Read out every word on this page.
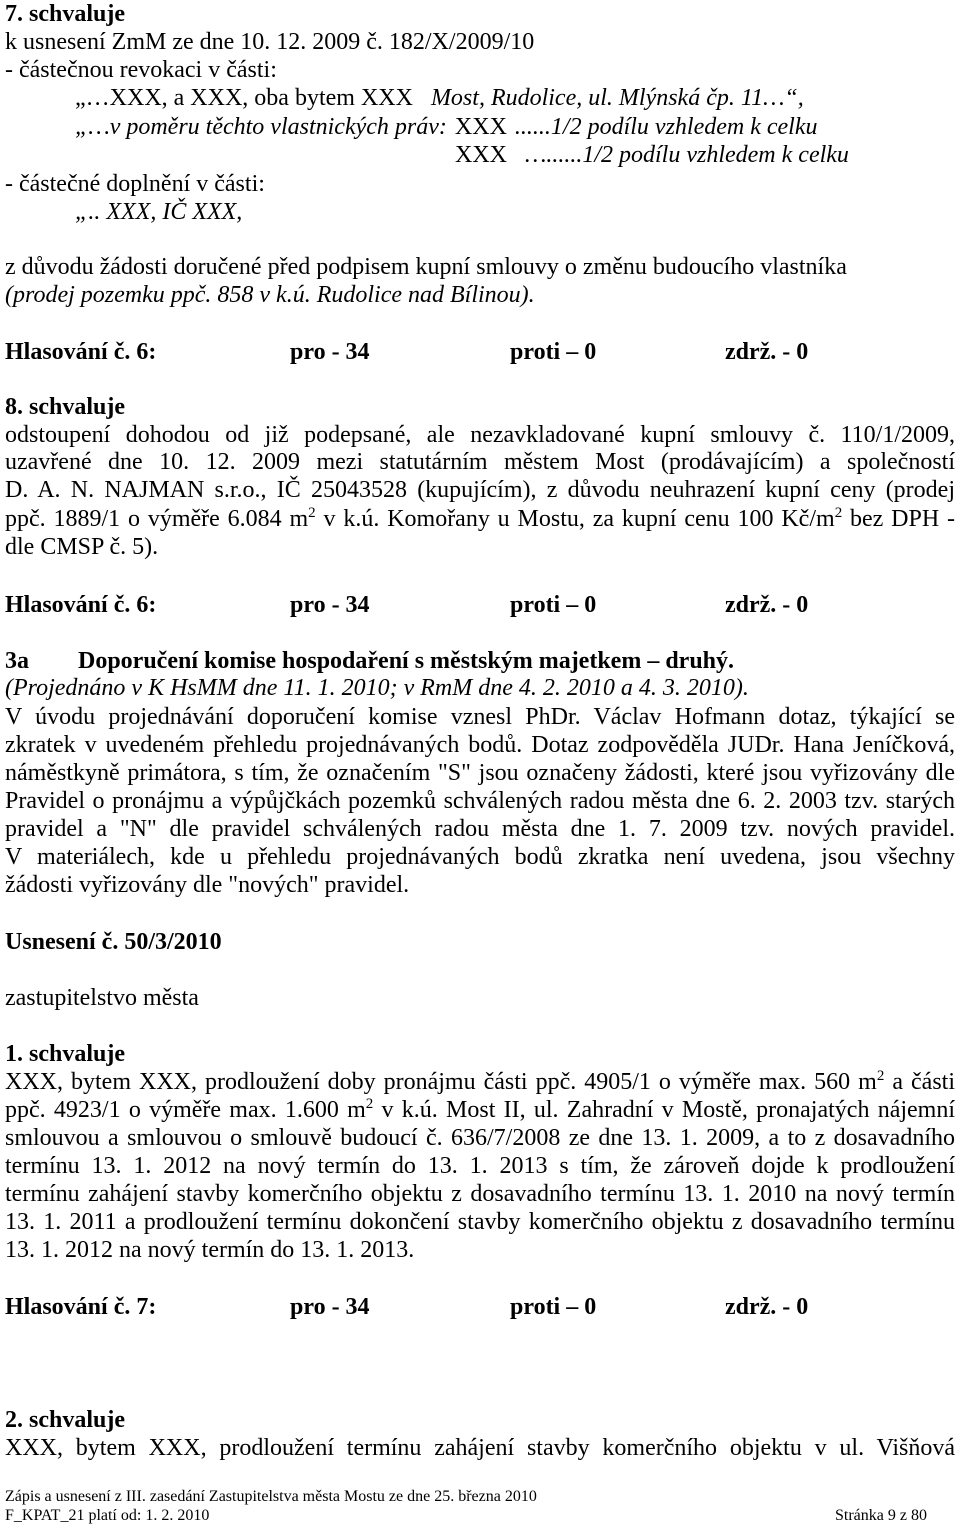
7. schvaluje
k usnesení ZmM ze dne 10. 12. 2009 č. 182/X/2009/10
- částečnou revokaci v části:
„…XXX, a XXX, oba bytem XXX Most, Rudolice, ul. Mlýnská čp. 11…“,
„…v poměru těchto vlastnických práv: XXX ......1/2 podílu vzhledem k celku
XXX …......1/2 podílu vzhledem k celku
- částečné doplnění v části:
„.. XXX, IČ XXX,
z důvodu žádosti doručené před podpisem kupní smlouvy o změnu budoucího vlastníka
(prodej pozemku ppč. 858 v k.ú. Rudolice nad Bílinou).
Hlasování č. 6:	pro - 34	proti – 0	zdrž. - 0
8. schvaluje
odstoupení dohodou od již podepsané, ale nezavkladované kupní smlouvy č. 110/1/2009,
uzavřené dne 10. 12. 2009 mezi statutárním městem Most (prodávajícím) a společností
D. A. N. NAJMAN s.r.o., IČ 25043528 (kupujícím), z důvodu neuhrazení kupní ceny (prodej
ppč. 1889/1 o výměře 6.084 $m^2$ v k.ú. Komořany u Mostu, za kupní cenu 100 $Kč/m^2$ bez DPH -
dle CMSP č. 5).
Hlasování č. 6:	pro - 34	proti – 0	zdrž. - 0
3a Doporučení komise hospodaření s městským majetkem – druhý.
(Projednáno v K HsMM dne 11. 1. 2010; v RmM dne 4. 2. 2010 a 4. 3. 2010).
V úvodu projednávání doporučení komise vznesl PhDr. Václav Hofmann dotaz, týkající se
zkratek v uvedeném přehledu projednávaných bodů. Dotaz zodpověděla JUDr. Hana Jeníčková,
náměstkyně primátora, s tím, že označením "S" jsou označeny žádosti, které jsou vyřizovány dle
Pravidel o pronájmu a výpůjčkách pozemků schválených radou města dne 6. 2. 2003 tzv. starých
pravidel a "N" dle pravidel schválených radou města dne 1. 7. 2009 tzv. nových pravidel.
V materiálech, kde u přehledu projednávaných bodů zkratka není uvedena, jsou všechny
žádosti vyřizovány dle "nových" pravidel.
Usnesení č. 50/3/2010
zastupitelstvo města
1. schvaluje
XXX, bytem XXX, prodloužení doby pronájmu části ppč. 4905/1 o výměře max. 560 $m^2$ a části
ppč. 4923/1 o výměře max. 1.600 $m^2$ v k.ú. Most II, ul. Zahradní v Mostě, pronajatých nájemní
smlouvou a smlouvou o smlouvě budoucí č. 636/7/2008 ze dne 13. 1. 2009, a to z dosavadního
termínu 13. 1. 2012 na nový termín do 13. 1. 2013 s tím, že zároveň dojde k prodloužení
termínu zahájení stavby komerčního objektu z dosavadního termínu 13. 1. 2010 na nový termín
13. 1. 2011 a prodloužení termínu dokončení stavby komerčního objektu z dosavadního termínu
13. 1. 2012 na nový termín do 13. 1. 2013.
Hlasování č. 7:	pro - 34	proti – 0	zdrž. - 0
2. schvaluje
XXX, bytem XXX, prodloužení termínu zahájení stavby komerčního objektu v ul. Višňová
Zápis a usnesení z III. zasedání Zastupitelstva města Mostu ze dne 25. března 2010
F_KPAT_21 platí od: 1. 2. 2010	Stránka 9 z 80
